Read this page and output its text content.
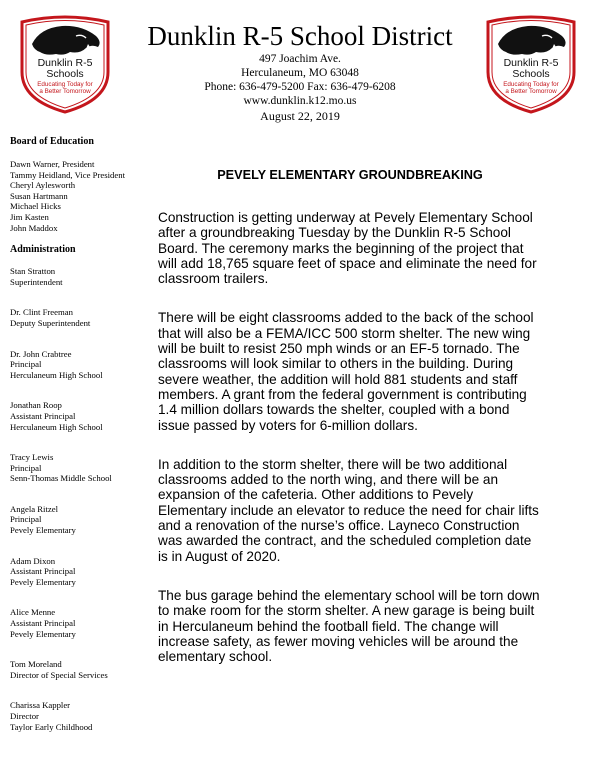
Dunklin R-5
Schools
Educating Today for
a Better Tomorrow
Dunklin R-5
Schools
Educating Today for
a Better Tomorrow
Dunklin R-5 School District
497 Joachim Ave.
Herculaneum, MO 63048
Phone: 636-479-5200 Fax: 636-479-6208
www.dunklin.k12.mo.us
August 22, 2019
Board of Education
Dawn Warner, President
Tammy Heidland, Vice President
Cheryl Aylesworth
Susan Hartmann
Michael Hicks
Jim Kasten
John Maddox
Administration
Stan Stratton
Superintendent
Dr. Clint Freeman
Deputy Superintendent
Dr. John Crabtree
Principal
Herculaneum High School
Jonathan Roop
Assistant Principal
Herculaneum High School
Tracy Lewis
Principal
Senn-Thomas Middle School
Angela Ritzel
Principal
Pevely Elementary
Adam Dixon
Assistant Principal
Pevely Elementary
Alice Menne
Assistant Principal
Pevely Elementary
Tom Moreland
Director of Special Services
Charissa Kappler
Director
Taylor Early Childhood
PEVELY ELEMENTARY GROUNDBREAKING

Construction is getting underway at Pevely Elementary School after a groundbreaking Tuesday by the Dunklin R-5 School Board. The ceremony marks the beginning of the project that will add 18,765 square feet of space and eliminate the need for classroom trailers.

There will be eight classrooms added to the back of the school that will also be a FEMA/ICC 500 storm shelter. The new wing will be built to resist 250 mph winds or an EF-5 tornado. The classrooms will look similar to others in the building. During severe weather, the addition will hold 881 students and staff members. A grant from the federal government is contributing 1.4 million dollars towards the shelter, coupled with a bond issue passed by voters for 6-million dollars.

In addition to the storm shelter, there will be two additional classrooms added to the north wing, and there will be an expansion of the cafeteria. Other additions to Pevely Elementary include an elevator to reduce the need for chair lifts and a renovation of the nurse’s office. Layneco Construction was awarded the contract, and the scheduled completion date is in August of 2020.

The bus garage behind the elementary school will be torn down to make room for the storm shelter. A new garage is being built in Herculaneum behind the football field. The change will increase safety, as fewer moving vehicles will be around the elementary school.
